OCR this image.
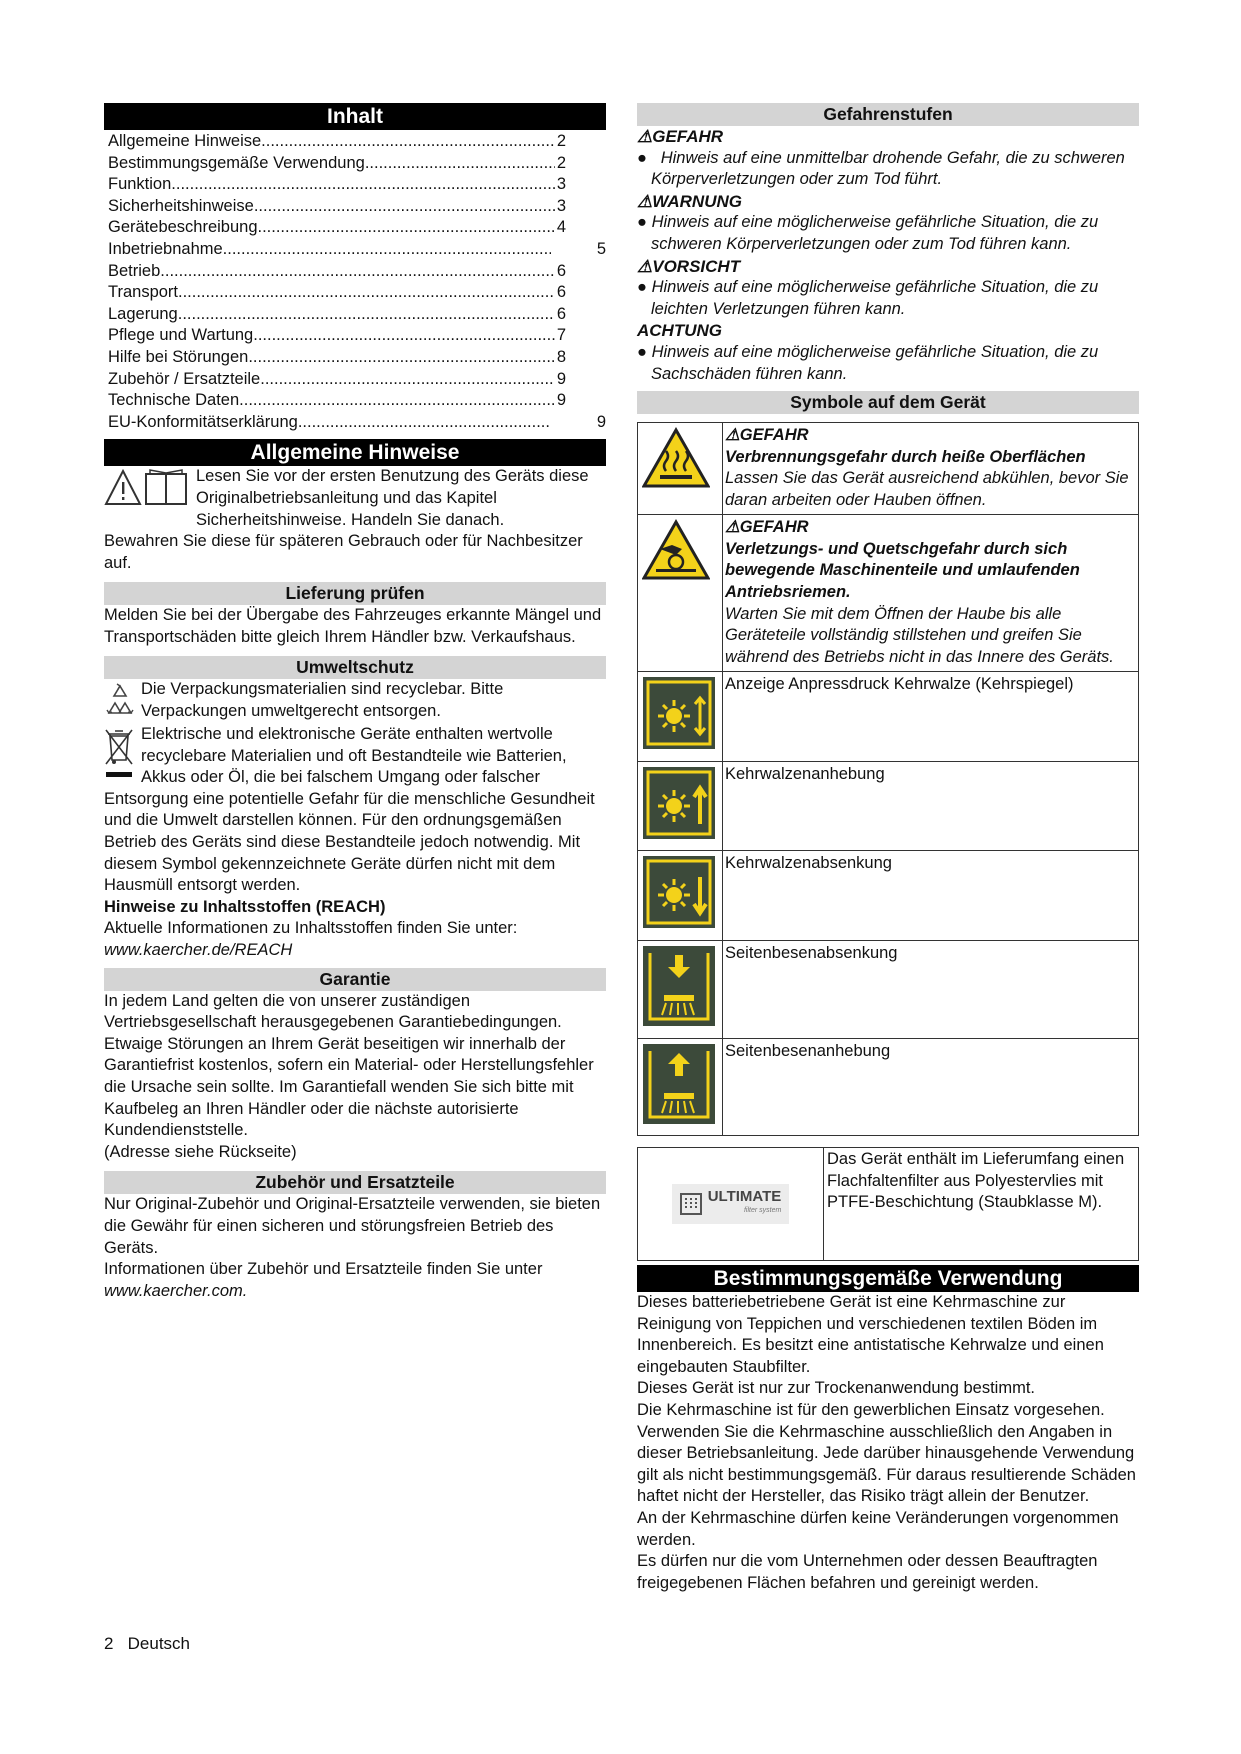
Inhalt
Allgemeine Hinweise .....	2
Bestimmungsgemäße Verwendung .....	2
Funktion .....	3
Sicherheitshinweise .....	3
Gerätebeschreibung .....	4
Inbetriebnahme .....	5
Betrieb .....	6
Transport .....	6
Lagerung .....	6
Pflege und Wartung .....	7
Hilfe bei Störungen .....	8
Zubehör / Ersatzteile .....	9
Technische Daten .....	9
EU-Konformitätserklärung .....	9
Allgemeine Hinweise
Lesen Sie vor der ersten Benutzung des Geräts diese Originalbetriebsanleitung und das Kapitel Sicherheitshinweise. Handeln Sie danach.
Bewahren Sie diese für späteren Gebrauch oder für Nachbesitzer auf.
Lieferung prüfen
Melden Sie bei der Übergabe des Fahrzeuges erkannte Mängel und Transportschäden bitte gleich Ihrem Händler bzw. Verkaufshaus.
Umweltschutz
Die Verpackungsmaterialien sind recyclebar. Bitte Verpackungen umweltgerecht entsorgen.
Elektrische und elektronische Geräte enthalten wertvolle recyclebare Materialien und oft Bestandteile wie Batterien, Akkus oder Öl, die bei falschem Umgang oder falscher Entsorgung eine potentielle Gefahr für die menschliche Gesundheit und die Umwelt darstellen können. Für den ordnungsgemäßen Betrieb des Geräts sind diese Bestandteile jedoch notwendig. Mit diesem Symbol gekennzeichnete Geräte dürfen nicht mit dem Hausmüll entsorgt werden.
Hinweise zu Inhaltsstoffen (REACH)
Aktuelle Informationen zu Inhaltsstoffen finden Sie unter:
www.kaercher.de/REACH
Garantie
In jedem Land gelten die von unserer zuständigen Vertriebsgesellschaft herausgegebenen Garantiebedingungen. Etwaige Störungen an Ihrem Gerät beseitigen wir innerhalb der Garantiefrist kostenlos, sofern ein Material- oder Herstellungsfehler die Ursache sein sollte. Im Garantiefall wenden Sie sich bitte mit Kaufbeleg an Ihren Händler oder die nächste autorisierte Kundendienststelle.
(Adresse siehe Rückseite)
Zubehör und Ersatzteile
Nur Original-Zubehör und Original-Ersatzteile verwenden, sie bieten die Gewähr für einen sicheren und störungsfreien Betrieb des Geräts.
Informationen über Zubehör und Ersatzteile finden Sie unter
www.kaercher.com.
Gefahrenstufen
⚠GEFAHR
●   Hinweis auf eine unmittelbar drohende Gefahr, die zu schweren Körperverletzungen oder zum Tod führt.
⚠WARNUNG
● Hinweis auf eine möglicherweise gefährliche Situation, die zu schweren Körperverletzungen oder zum Tod führen kann.
⚠VORSICHT
● Hinweis auf eine möglicherweise gefährliche Situation, die zu leichten Verletzungen führen kann.
ACHTUNG
● Hinweis auf eine möglicherweise gefährliche Situation, die zu Sachschäden führen kann.
Symbole auf dem Gerät

⚠GEFAHR
Verbrennungsgefahr durch heiße Oberflächen
Lassen Sie das Gerät ausreichend abkühlen, bevor Sie daran arbeiten oder Hauben öffnen.

⚠GEFAHR
Verletzungs- und Quetschgefahr durch sich bewegende Maschinenteile und umlaufenden Antriebsriemen.
Warten Sie mit dem Öffnen der Haube bis alle Geräteteile vollständig stillstehen und greifen Sie während des Betriebs nicht in das Innere des Geräts.

	Anzeige Anpressdruck Kehrwalze (Kehrspiegel)
	Kehrwalzenanhebung
	Kehrwalzenabsenkung
	Seitenbesenabsenkung
	Seitenbesenanhebung
ULTIMATE
filter system
Das Gerät enthält im Lieferumfang einen Flachfaltenfilter aus Polyestervlies mit PTFE-Beschichtung (Staubklasse M).
Bestimmungsgemäße Verwendung
Dieses batteriebetriebene Gerät ist eine Kehrmaschine zur Reinigung von Teppichen und verschiedenen textilen Böden im Innenbereich. Es besitzt eine antistatische Kehrwalze und einen eingebauten Staubfilter.
Dieses Gerät ist nur zur Trockenanwendung bestimmt.
Die Kehrmaschine ist für den gewerblichen Einsatz vorgesehen. Verwenden Sie die Kehrmaschine ausschließlich den Angaben in dieser Betriebsanleitung. Jede darüber hinausgehende Verwendung gilt als nicht bestimmungsgemäß. Für daraus resultierende Schäden haftet nicht der Hersteller, das Risiko trägt allein der Benutzer.
An der Kehrmaschine dürfen keine Veränderungen vorgenommen werden.
Es dürfen nur die vom Unternehmen oder dessen Beauftragten freigegebenen Flächen befahren und gereinigt werden.
2 Deutsch
